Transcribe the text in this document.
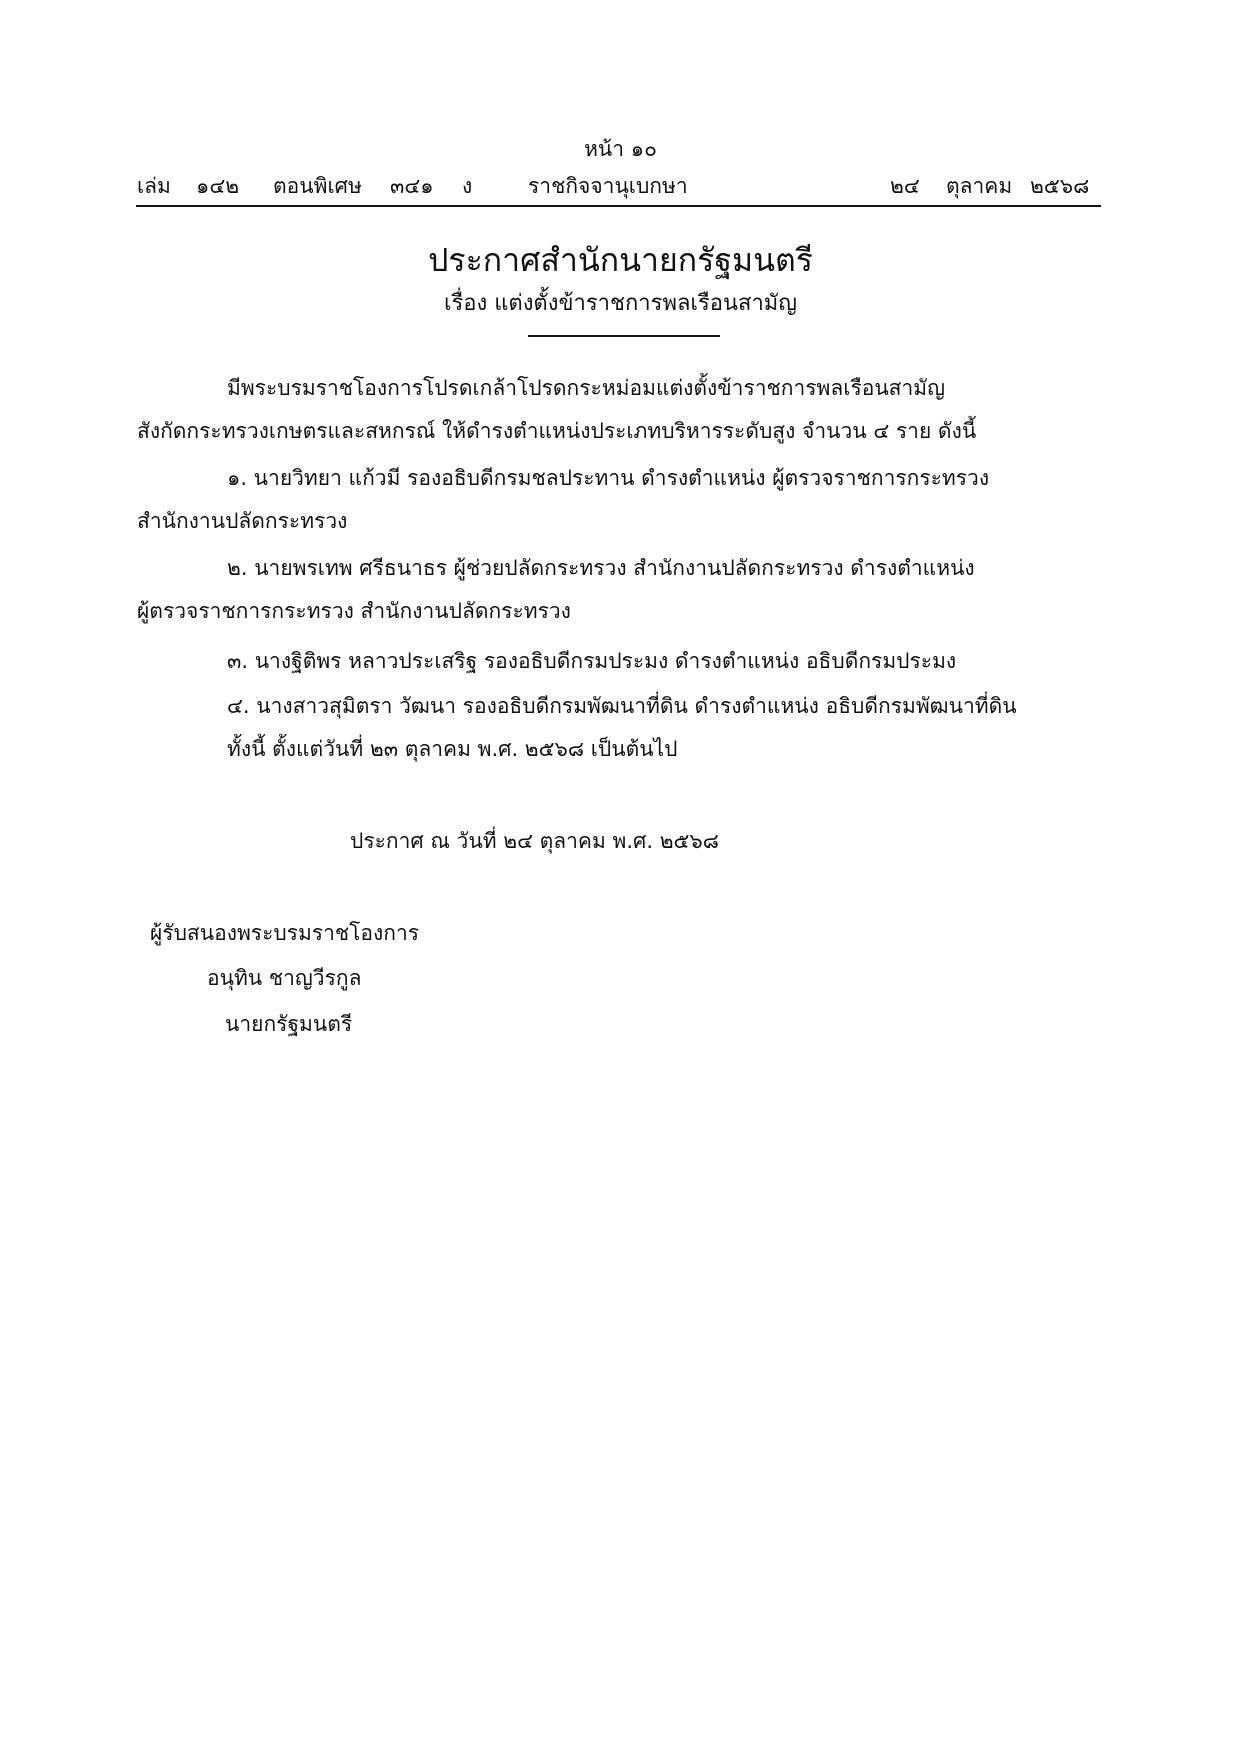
หน้า ๑๐
เล่ม ๑๔๒ ตอนพิเศษ ๓๔๑ ง	ราชกิจจานุเบกษา	๒๔ ตุลาคม ๒๕๖๘
ประกาศสำนักนายกรัฐมนตรี
เรื่อง แต่งตั้งข้าราชการพลเรือนสามัญ
มีพระบรมราชโองการโปรดเกล้าโปรดกระหม่อมแต่งตั้งข้าราชการพลเรือนสามัญ
สังกัดกระทรวงเกษตรและสหกรณ์ ให้ดำรงตำแหน่งประเภทบริหารระดับสูง จำนวน ๔ ราย ดังนี้
๑. นายวิทยา แก้วมี รองอธิบดีกรมชลประทาน ดำรงตำแหน่ง ผู้ตรวจราชการกระทรวง
สำนักงานปลัดกระทรวง
๒. นายพรเทพ ศรีธนาธร ผู้ช่วยปลัดกระทรวง สำนักงานปลัดกระทรวง ดำรงตำแหน่ง
ผู้ตรวจราชการกระทรวง สำนักงานปลัดกระทรวง
๓. นางฐิติพร หลาวประเสริฐ รองอธิบดีกรมประมง ดำรงตำแหน่ง อธิบดีกรมประมง
๔. นางสาวสุมิตรา วัฒนา รองอธิบดีกรมพัฒนาที่ดิน ดำรงตำแหน่ง อธิบดีกรมพัฒนาที่ดิน
ทั้งนี้ ตั้งแต่วันที่ ๒๓ ตุลาคม พ.ศ. ๒๕๖๘ เป็นต้นไป
ประกาศ ณ วันที่ ๒๔ ตุลาคม พ.ศ. ๒๕๖๘
ผู้รับสนองพระบรมราชโองการ
อนุทิน ชาญวีรกูล
นายกรัฐมนตรี
